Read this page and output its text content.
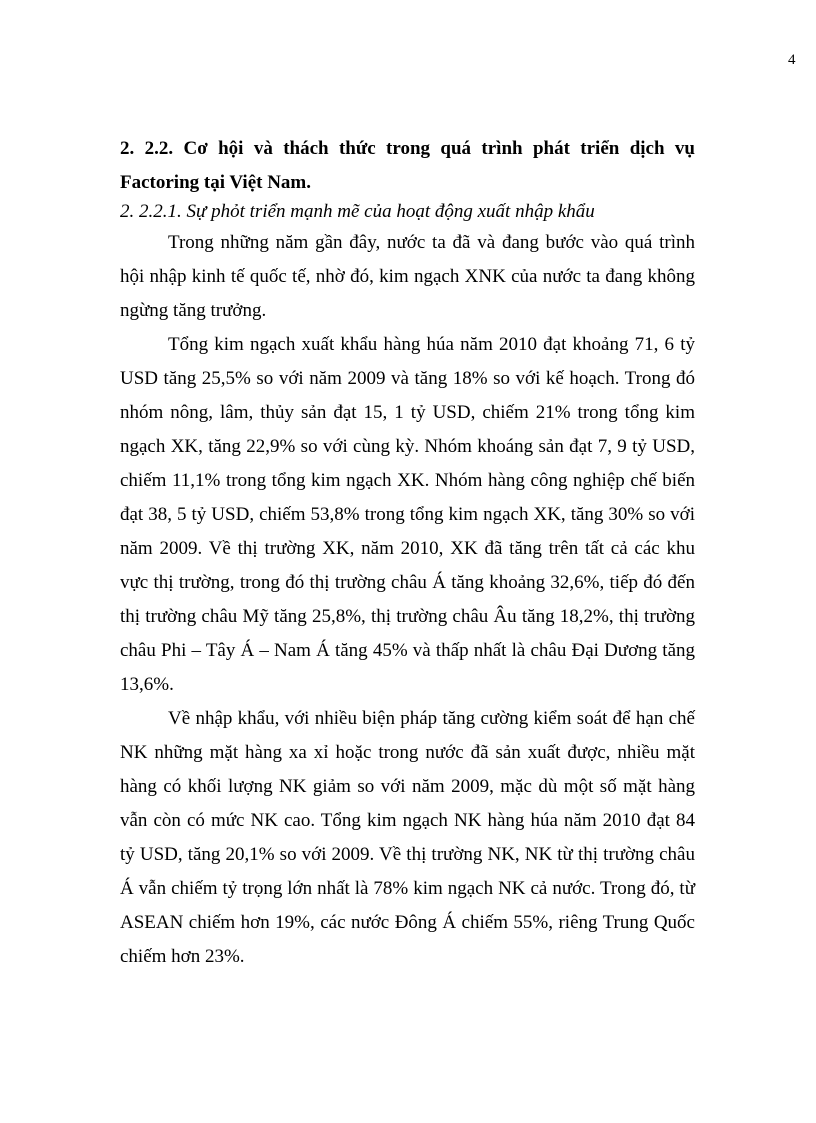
4

2. 2.2. Cơ hội và thách thức trong quá trình phát triển dịch vụ Factoring tại Việt Nam.

2. 2.2.1. Sự phỏt triển mạnh mẽ của hoạt động xuất nhập khẩu

Trong những năm gần đây, nước ta đã và đang bước vào quá trình hội nhập kinh tế quốc tế, nhờ đó, kim ngạch XNK của nước ta đang không ngừng tăng trưởng.

Tổng kim ngạch xuất khẩu hàng húa năm 2010 đạt khoảng 71, 6 tỷ USD tăng 25,5% so với năm 2009 và tăng 18% so với kế hoạch. Trong đó nhóm nông, lâm, thủy sản đạt 15, 1 tỷ USD, chiếm 21% trong tổng kim ngạch XK, tăng 22,9% so với cùng kỳ. Nhóm khoáng sản đạt 7, 9 tỷ USD, chiếm 11,1% trong tổng kim ngạch XK. Nhóm hàng công nghiệp chế biến đạt 38, 5 tỷ USD, chiếm 53,8% trong tổng kim ngạch XK, tăng 30% so với năm 2009. Về thị trường XK, năm 2010, XK đã tăng trên tất cả các khu vực thị trường, trong đó thị trường châu Á tăng khoảng 32,6%, tiếp đó đến thị trường châu Mỹ tăng 25,8%, thị trường châu Âu tăng 18,2%, thị trường châu Phi – Tây Á – Nam Á tăng 45% và thấp nhất là châu Đại Dương tăng 13,6%.

Về nhập khẩu, với nhiều biện pháp tăng cường kiểm soát để hạn chế NK những mặt hàng xa xỉ hoặc trong nước đã sản xuất được, nhiều mặt hàng có khối lượng NK giảm so với năm 2009, mặc dù một số mặt hàng vẫn còn có mức NK cao. Tổng kim ngạch NK hàng húa năm 2010 đạt 84 tỷ USD, tăng 20,1% so với 2009. Về thị trường NK, NK từ thị trường châu Á vẫn chiếm tỷ trọng lớn nhất là 78% kim ngạch NK cả nước. Trong đó, từ ASEAN chiếm hơn 19%, các nước Đông Á chiếm 55%, riêng Trung Quốc chiếm hơn 23%.
